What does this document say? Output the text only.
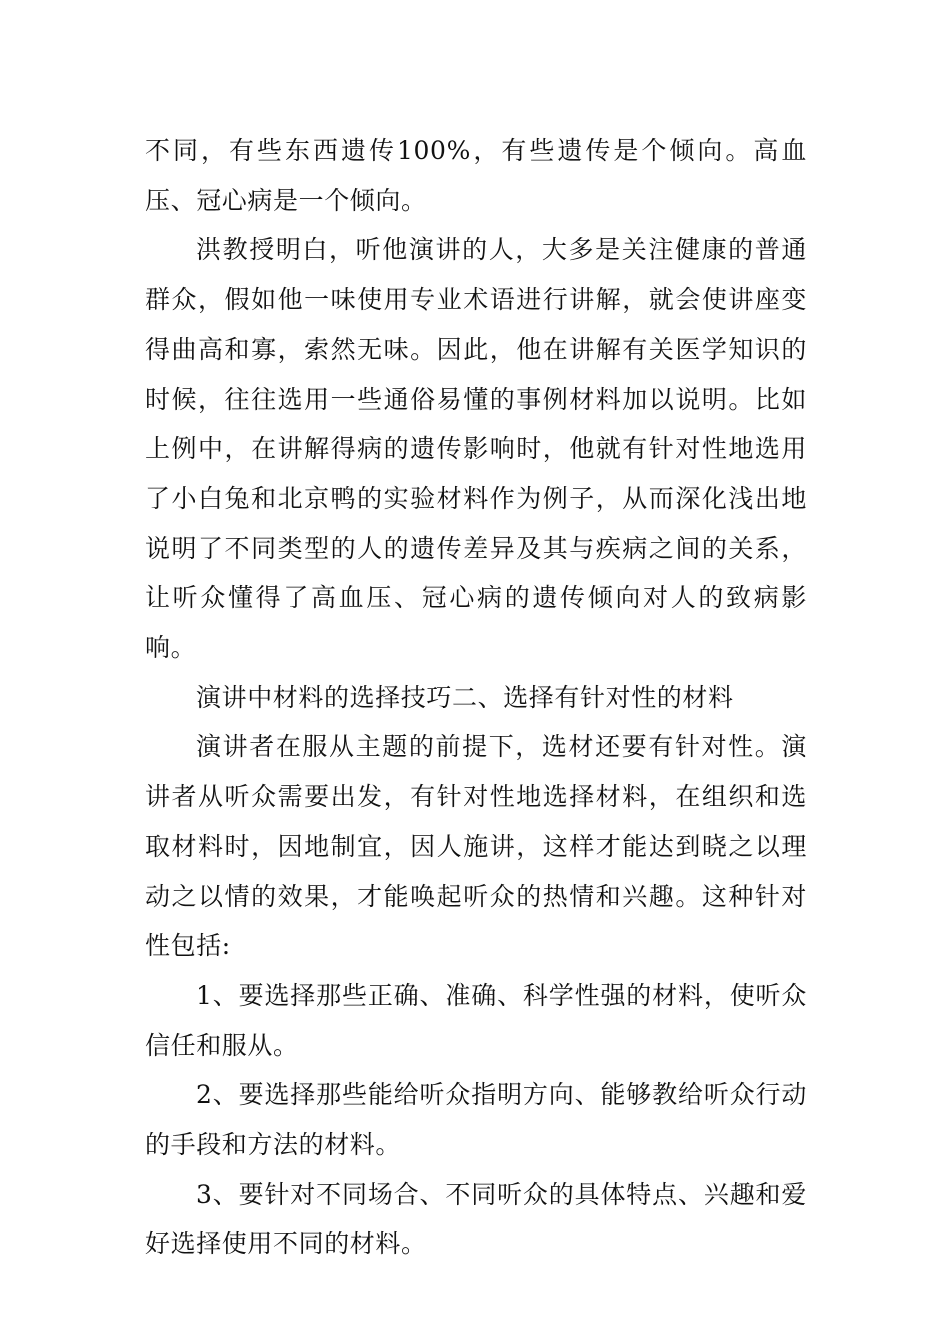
不同，有些东西遗传100%，有些遗传是个倾向。高血压、冠心病是一个倾向。

洪教授明白，听他演讲的人，大多是关注健康的普通群众，假如他一味使用专业术语进行讲解，就会使讲座变得曲高和寡，索然无味。因此，他在讲解有关医学知识的时候，往往选用一些通俗易懂的事例材料加以说明。比如上例中，在讲解得病的遗传影响时，他就有针对性地选用了小白兔和北京鸭的实验材料作为例子，从而深化浅出地说明了不同类型的人的遗传差异及其与疾病之间的关系，让听众懂得了高血压、冠心病的遗传倾向对人的致病影响。

演讲中材料的选择技巧二、选择有针对性的材料

演讲者在服从主题的前提下，选材还要有针对性。演讲者从听众需要出发，有针对性地选择材料，在组织和选取材料时，因地制宜，因人施讲，这样才能达到晓之以理动之以情的效果，才能唤起听众的热情和兴趣。这种针对性包括:

1、要选择那些正确、准确、科学性强的材料，使听众信任和服从。

2、要选择那些能给听众指明方向、能够教给听众行动的手段和方法的材料。

3、要针对不同场合、不同听众的具体特点、兴趣和爱好选择使用不同的材料。
